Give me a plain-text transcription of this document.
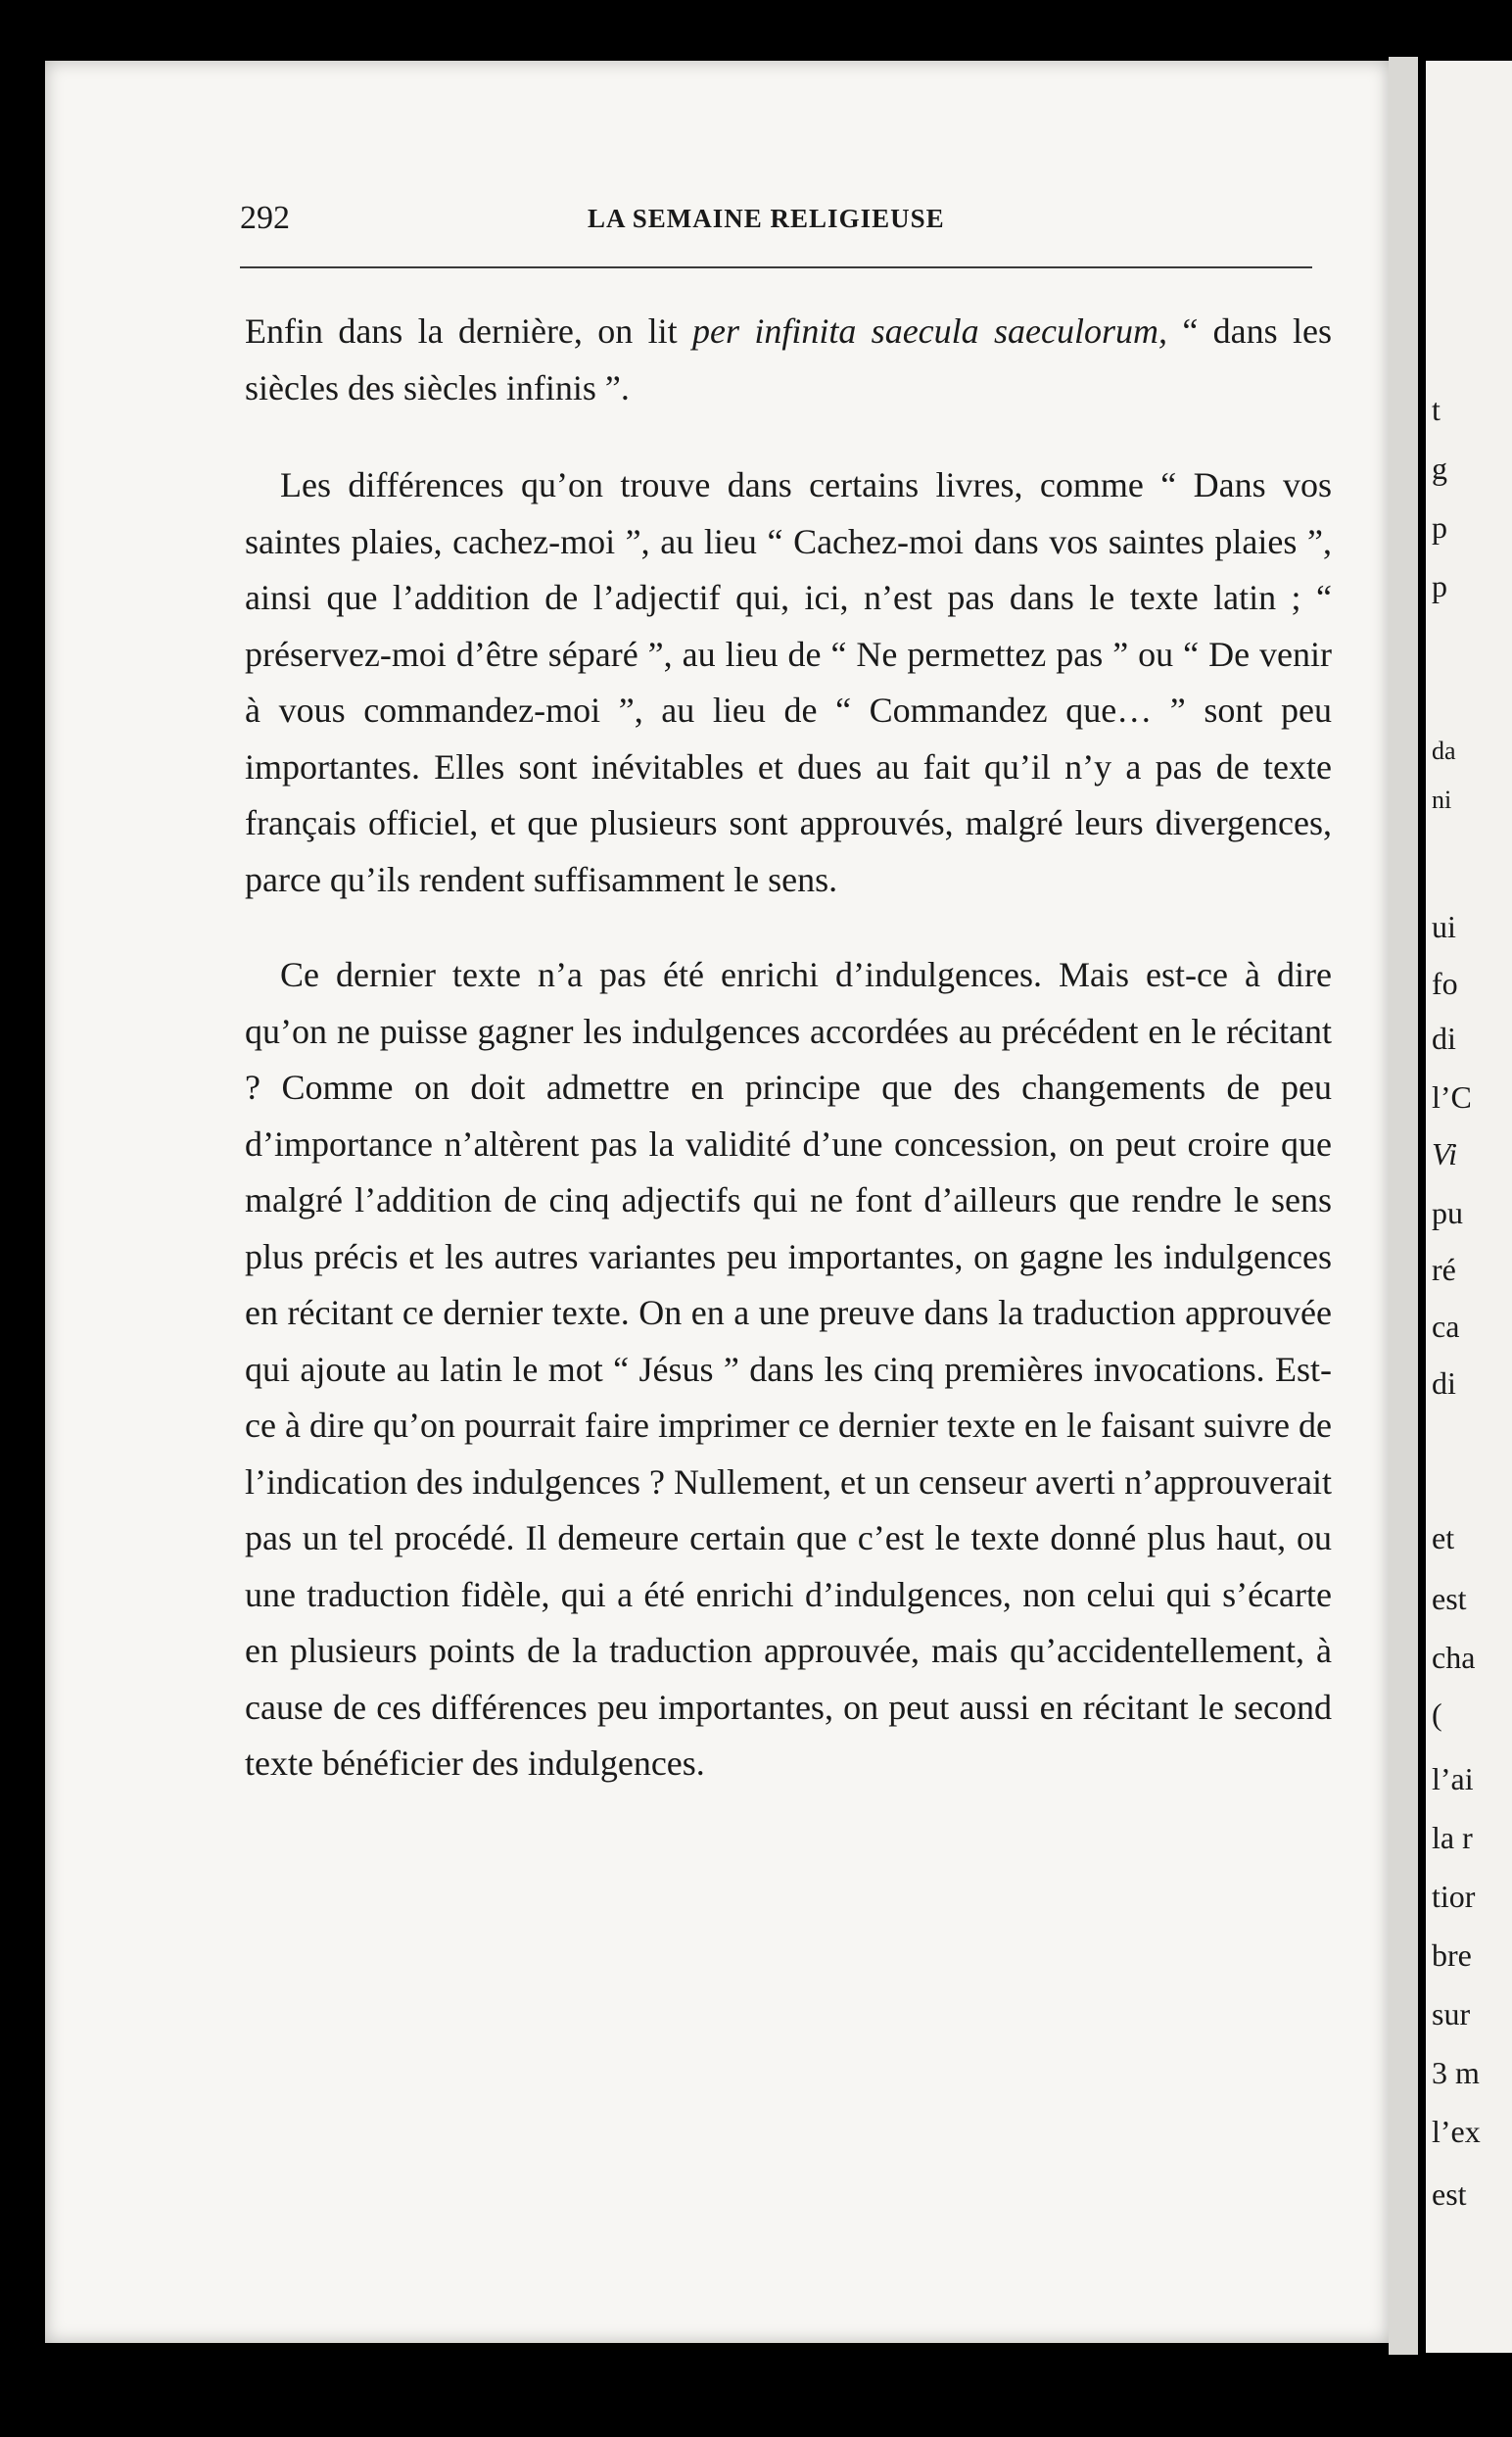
292	LA SEMAINE RELIGIEUSE

Enfin dans la dernière, on lit per infinita saecula saeculorum, “ dans les siècles des siècles infinis ”.

Les différences qu’on trouve dans certains livres, comme “ Dans vos saintes plaies, cachez-moi ”, au lieu “ Cachez-moi dans vos saintes plaies ”, ainsi que l’addition de l’adjectif qui, ici, n’est pas dans le texte latin ; “ préservez-moi d’être séparé ”, au lieu de “ Ne permettez pas ” ou “ De venir à vous commandez-moi ”, au lieu de “ Commandez que… ” sont peu importantes. Elles sont inévitables et dues au fait qu’il n’y a pas de texte français officiel, et que plusieurs sont approuvés, malgré leurs divergences, parce qu’ils rendent suffisamment le sens.

Ce dernier texte n’a pas été enrichi d’indulgences. Mais est-ce à dire qu’on ne puisse gagner les indulgences accordées au précédent en le récitant ? Comme on doit admettre en principe que des changements de peu d’importance n’altèrent pas la validité d’une concession, on peut croire que malgré l’addition de cinq adjectifs qui ne font d’ailleurs que rendre le sens plus précis et les autres variantes peu importantes, on gagne les indulgences en récitant ce dernier texte. On en a une preuve dans la traduction approuvée qui ajoute au latin le mot “ Jésus ” dans les cinq premières invocations. Est-ce à dire qu’on pourrait faire imprimer ce dernier texte en le faisant suivre de l’indication des indulgences ? Nullement, et un censeur averti n’approuverait pas un tel procédé. Il demeure certain que c’est le texte donné plus haut, ou une traduction fidèle, qui a été enrichi d’indulgences, non celui qui s’écarte en plusieurs points de la traduction approuvée, mais qu’accidentellement, à cause de ces différences peu importantes, on peut aussi en récitant le second texte bénéficier des indulgences.

t
g
p
p
da
ni
ui
fo
di
l’C
Vi
pu
ré
ca
di
et
est
cha
(
l’ai
la r
tior
bre
sur
3 m
l’ex
est
